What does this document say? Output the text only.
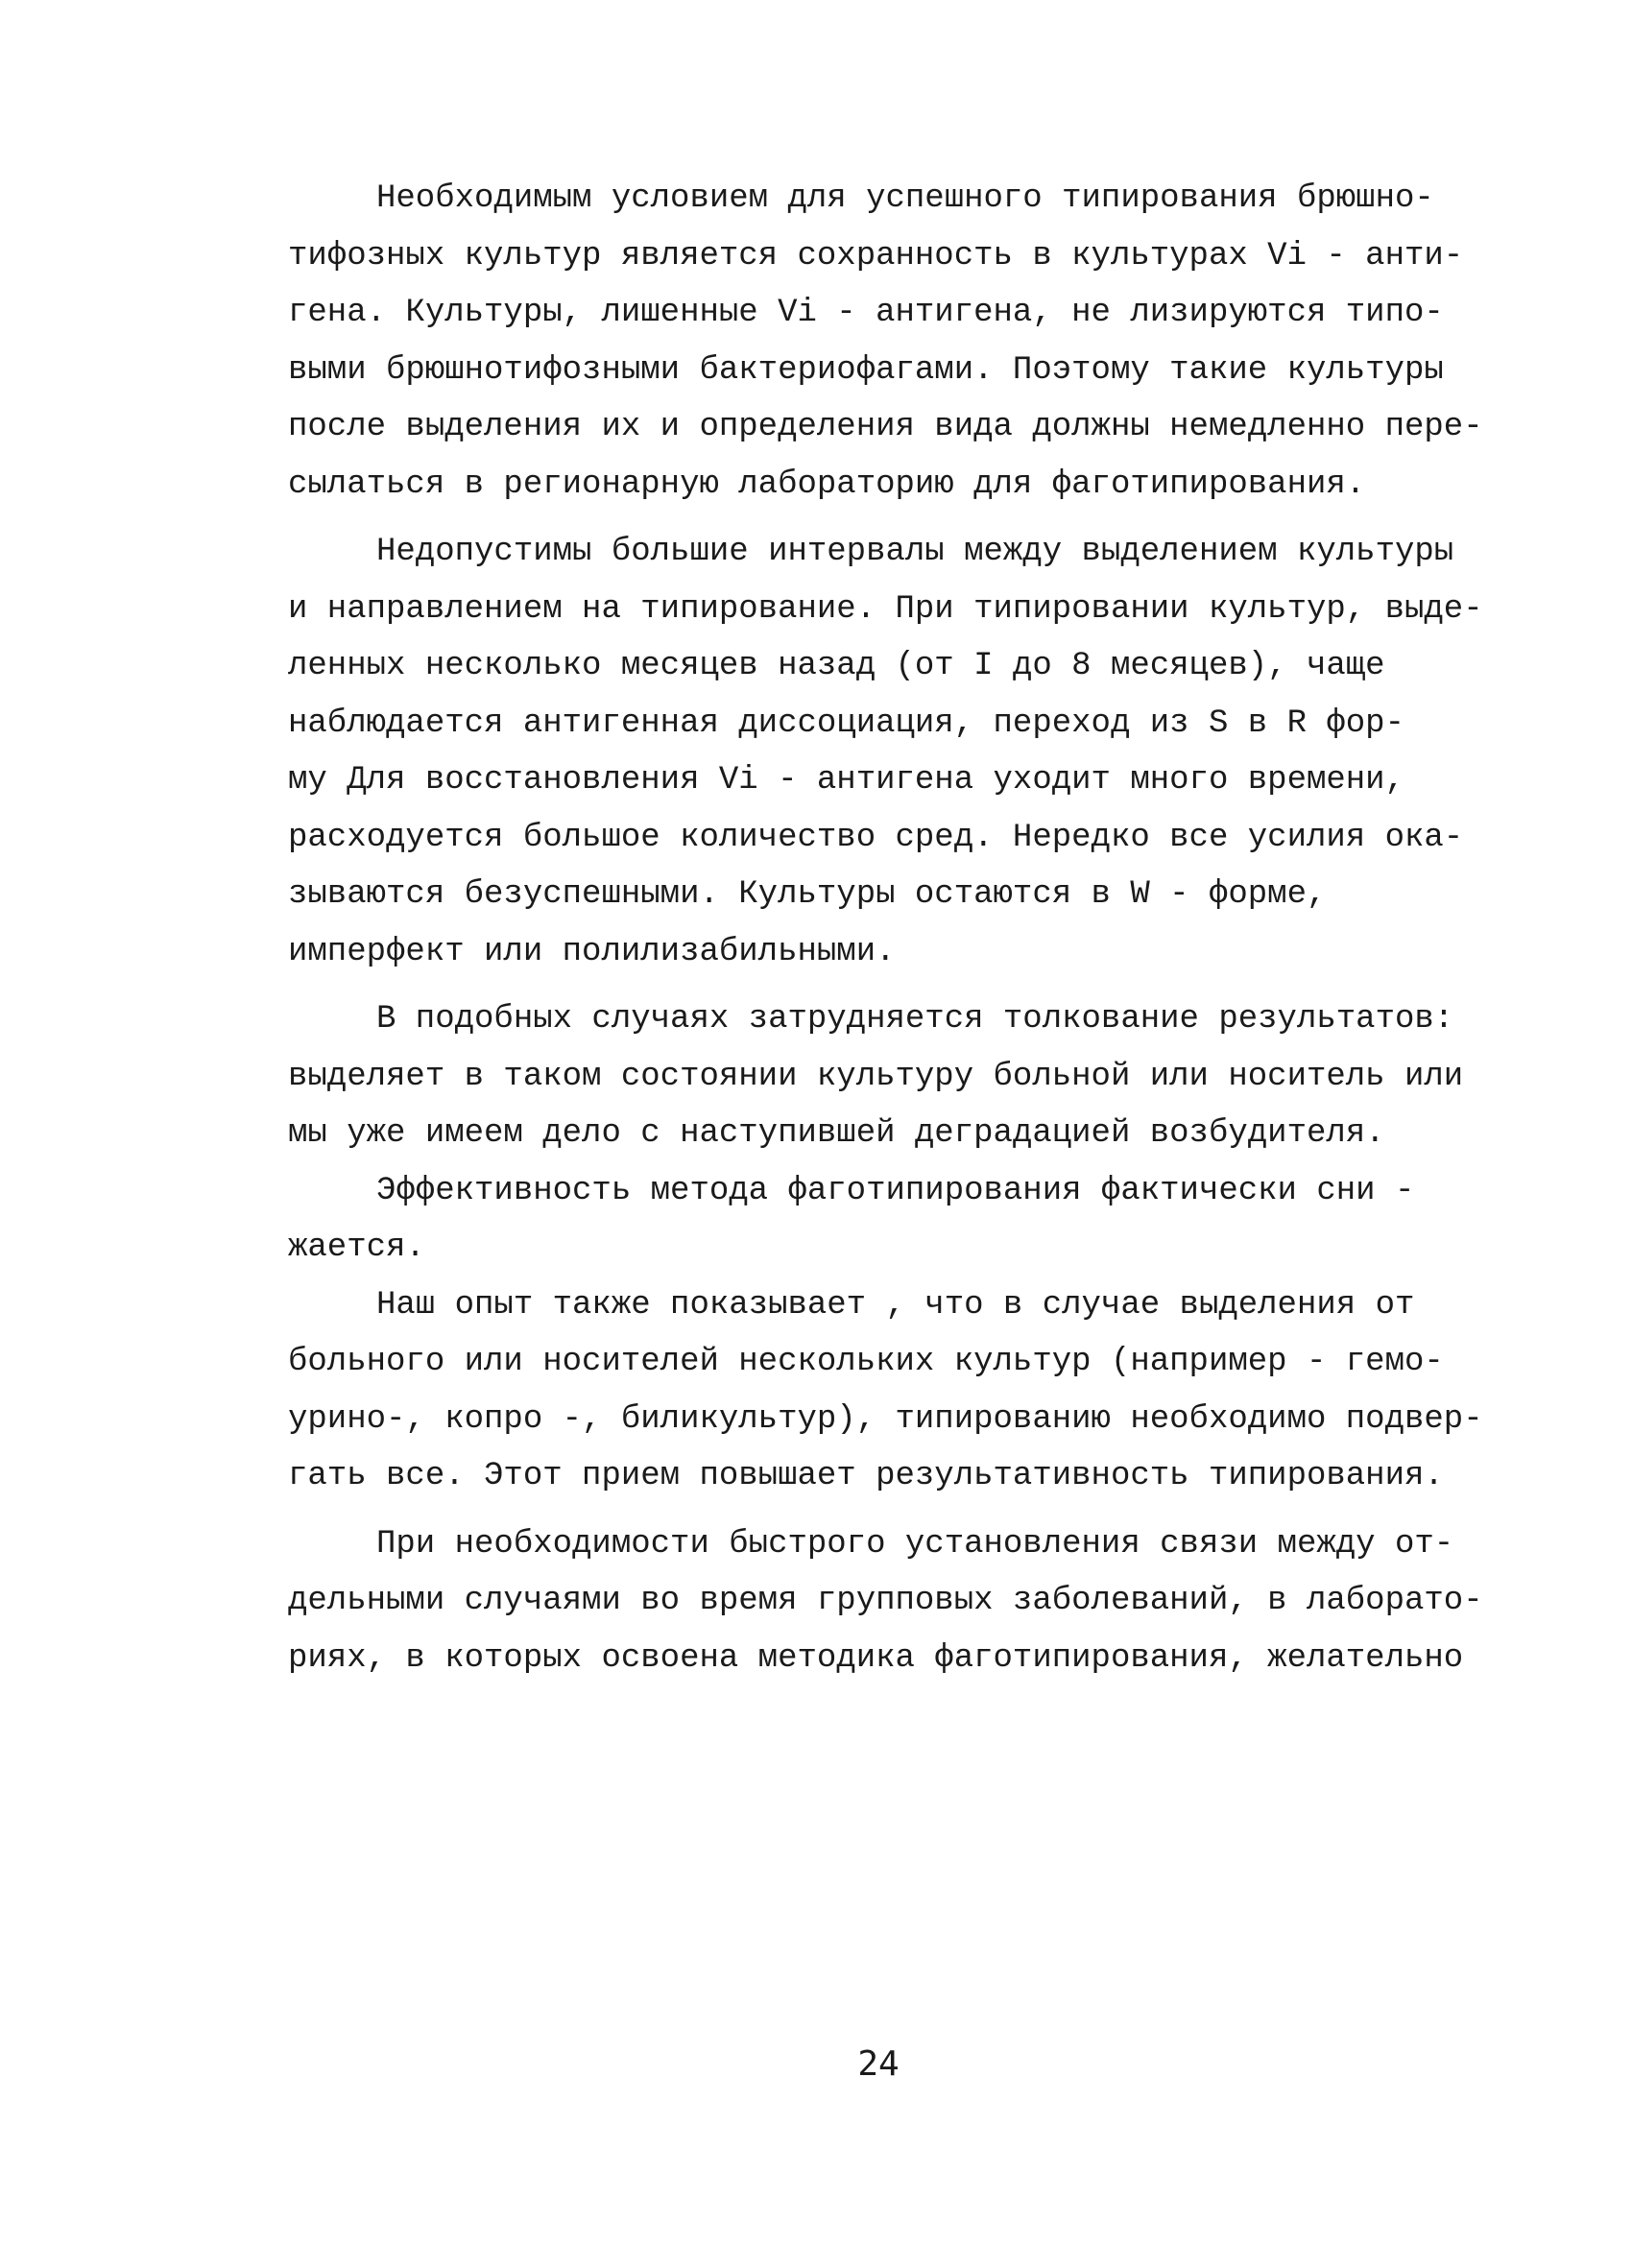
Необходимым условием для успешного типирования брюшно-
тифозных культур является сохранность в культурах Vi - анти-
гена. Культуры, лишенные Vi - антигена, не лизируются типо-
выми брюшнотифозными бактериофагами. Поэтому такие культуры
после выделения их и определения вида должны немедленно пере-
сылаться в регионарную лабораторию для фаготипирования.
Недопустимы большие интервалы между выделением культуры
и направлением на типирование. При типировании культур, выде-
ленных несколько месяцев назад (от I до 8 месяцев), чаще
наблюдается антигенная диссоциация, переход из S в R фор-
му Для восстановления Vi - антигена уходит много времени,
расходуется большое количество сред. Нередко все усилия ока-
зываются безуспешными. Культуры остаются в W - форме,
имперфект или полилизабильными.
В подобных случаях затрудняется толкование результатов:
выделяет в таком состоянии культуру больной или носитель или
мы уже имеем дело с наступившей деградацией возбудителя.
Эффективность метода фаготипирования фактически сни -
жается.
Наш опыт также показывает , что в случае выделения от
больного или носителей нескольких культур (например - гемо-
урино-, копро -, биликультур), типированию необходимо подвер-
гать все. Этот прием повышает результативность типирования.
При необходимости быстрого установления связи между от-
дельными случаями во время групповых заболеваний, в лаборато-
риях, в которых освоена методика фаготипирования, желательно
24
